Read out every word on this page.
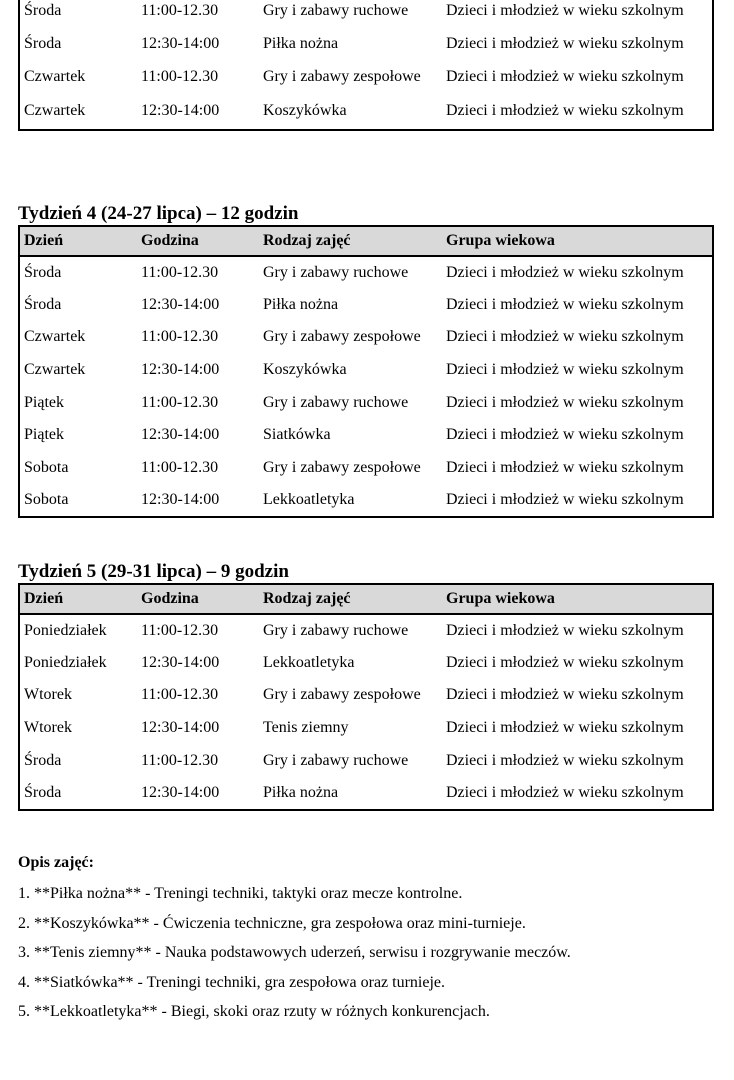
Środa	11:00-12.30	Gry i zabawy ruchowe	Dzieci i młodzież w wieku szkolnym
Środa	12:30-14:00	Piłka nożna	Dzieci i młodzież w wieku szkolnym
Czwartek	11:00-12.30	Gry i zabawy zespołowe	Dzieci i młodzież w wieku szkolnym
Czwartek	12:30-14:00	Koszykówka	Dzieci i młodzież w wieku szkolnym
Tydzień 4 (24-27 lipca) – 12 godzin
Dzień	Godzina	Rodzaj zajęć	Grupa wiekowa
Środa	11:00-12.30	Gry i zabawy ruchowe	Dzieci i młodzież w wieku szkolnym
Środa	12:30-14:00	Piłka nożna	Dzieci i młodzież w wieku szkolnym
Czwartek	11:00-12.30	Gry i zabawy zespołowe	Dzieci i młodzież w wieku szkolnym
Czwartek	12:30-14:00	Koszykówka	Dzieci i młodzież w wieku szkolnym
Piątek	11:00-12.30	Gry i zabawy ruchowe	Dzieci i młodzież w wieku szkolnym
Piątek	12:30-14:00	Siatkówka	Dzieci i młodzież w wieku szkolnym
Sobota	11:00-12.30	Gry i zabawy zespołowe	Dzieci i młodzież w wieku szkolnym
Sobota	12:30-14:00	Lekkoatletyka	Dzieci i młodzież w wieku szkolnym
Tydzień 5 (29-31 lipca) – 9 godzin
Dzień	Godzina	Rodzaj zajęć	Grupa wiekowa
Poniedziałek	11:00-12.30	Gry i zabawy ruchowe	Dzieci i młodzież w wieku szkolnym
Poniedziałek	12:30-14:00	Lekkoatletyka	Dzieci i młodzież w wieku szkolnym
Wtorek	11:00-12.30	Gry i zabawy zespołowe	Dzieci i młodzież w wieku szkolnym
Wtorek	12:30-14:00	Tenis ziemny	Dzieci i młodzież w wieku szkolnym
Środa	11:00-12.30	Gry i zabawy ruchowe	Dzieci i młodzież w wieku szkolnym
Środa	12:30-14:00	Piłka nożna	Dzieci i młodzież w wieku szkolnym
Opis zajęć:
1. **Piłka nożna** - Treningi techniki, taktyki oraz mecze kontrolne.
2. **Koszykówka** - Ćwiczenia techniczne, gra zespołowa oraz mini-turnieje.
3. **Tenis ziemny** - Nauka podstawowych uderzeń, serwisu i rozgrywanie meczów.
4. **Siatkówka** - Treningi techniki, gra zespołowa oraz turnieje.
5. **Lekkoatletyka** - Biegi, skoki oraz rzuty w różnych konkurencjach.
